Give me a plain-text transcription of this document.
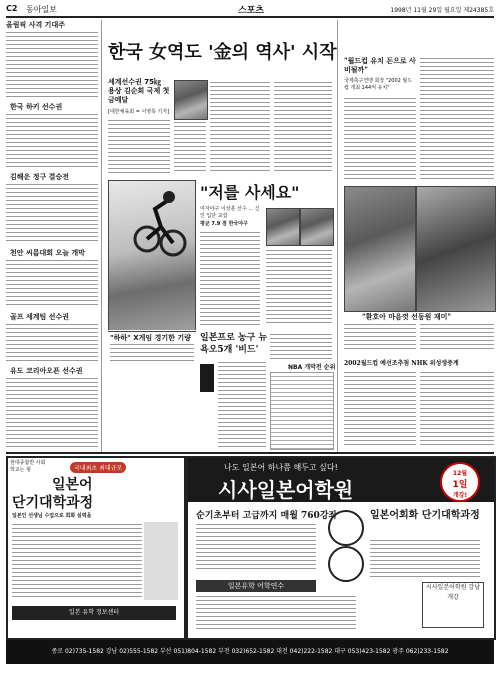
C2 동아일보	스포츠	1998년 11월 29일 월요일 제24385호
올림픽 사격 기대주
한국 하키 선수권
김해운 정구 결승전
천안 씨름대회 오늘 개막
골프 세계팀 선수권
유도 코리아오픈 선수권
한국 女역도 '金의 역사' 시작
세계선수권 75㎏ 용상 김순희 국제 첫금메달
[대한체육회 = 이영록 기자]
"저를 사세요"
여자야구 이상훈 선수 … 신인 입단 교섭
평균 7.9 점 한국야구
"하하" X게임 경기한 기량 일본프로 농구 뉴욕오5개 '비드'
NBA 개막전 순위
"월드컵 유치 돈으로 사비될까"
국제축구연맹 회장 "2002 월드컵 개최 144억 유치"
"환호아 마음껏 선동원 재미"
2002월드컵 예선조추첨 NHK 위성생중계
현대종합반 사회학교는 형	국내최초 최대규모
일본어
단기대학과정
일본인 선생님 수업으로 회화 실력을
일본 유학 정보센터
나도 일본어 하나쯤 해두고 싶다!
시사일본어학원
12월
1일
개강!
순기초부터 고급까지 매월 760강좌	일본어회화 단기대학과정
일본유학 어학연수	시사일본어학원 강남 개강
종로 02)735-1582 강남 02)555-1582 부산 051)804-1582 부천 032)652-1582 대전 042)222-1582 대구 053)423-1582 광주 062)233-1582
